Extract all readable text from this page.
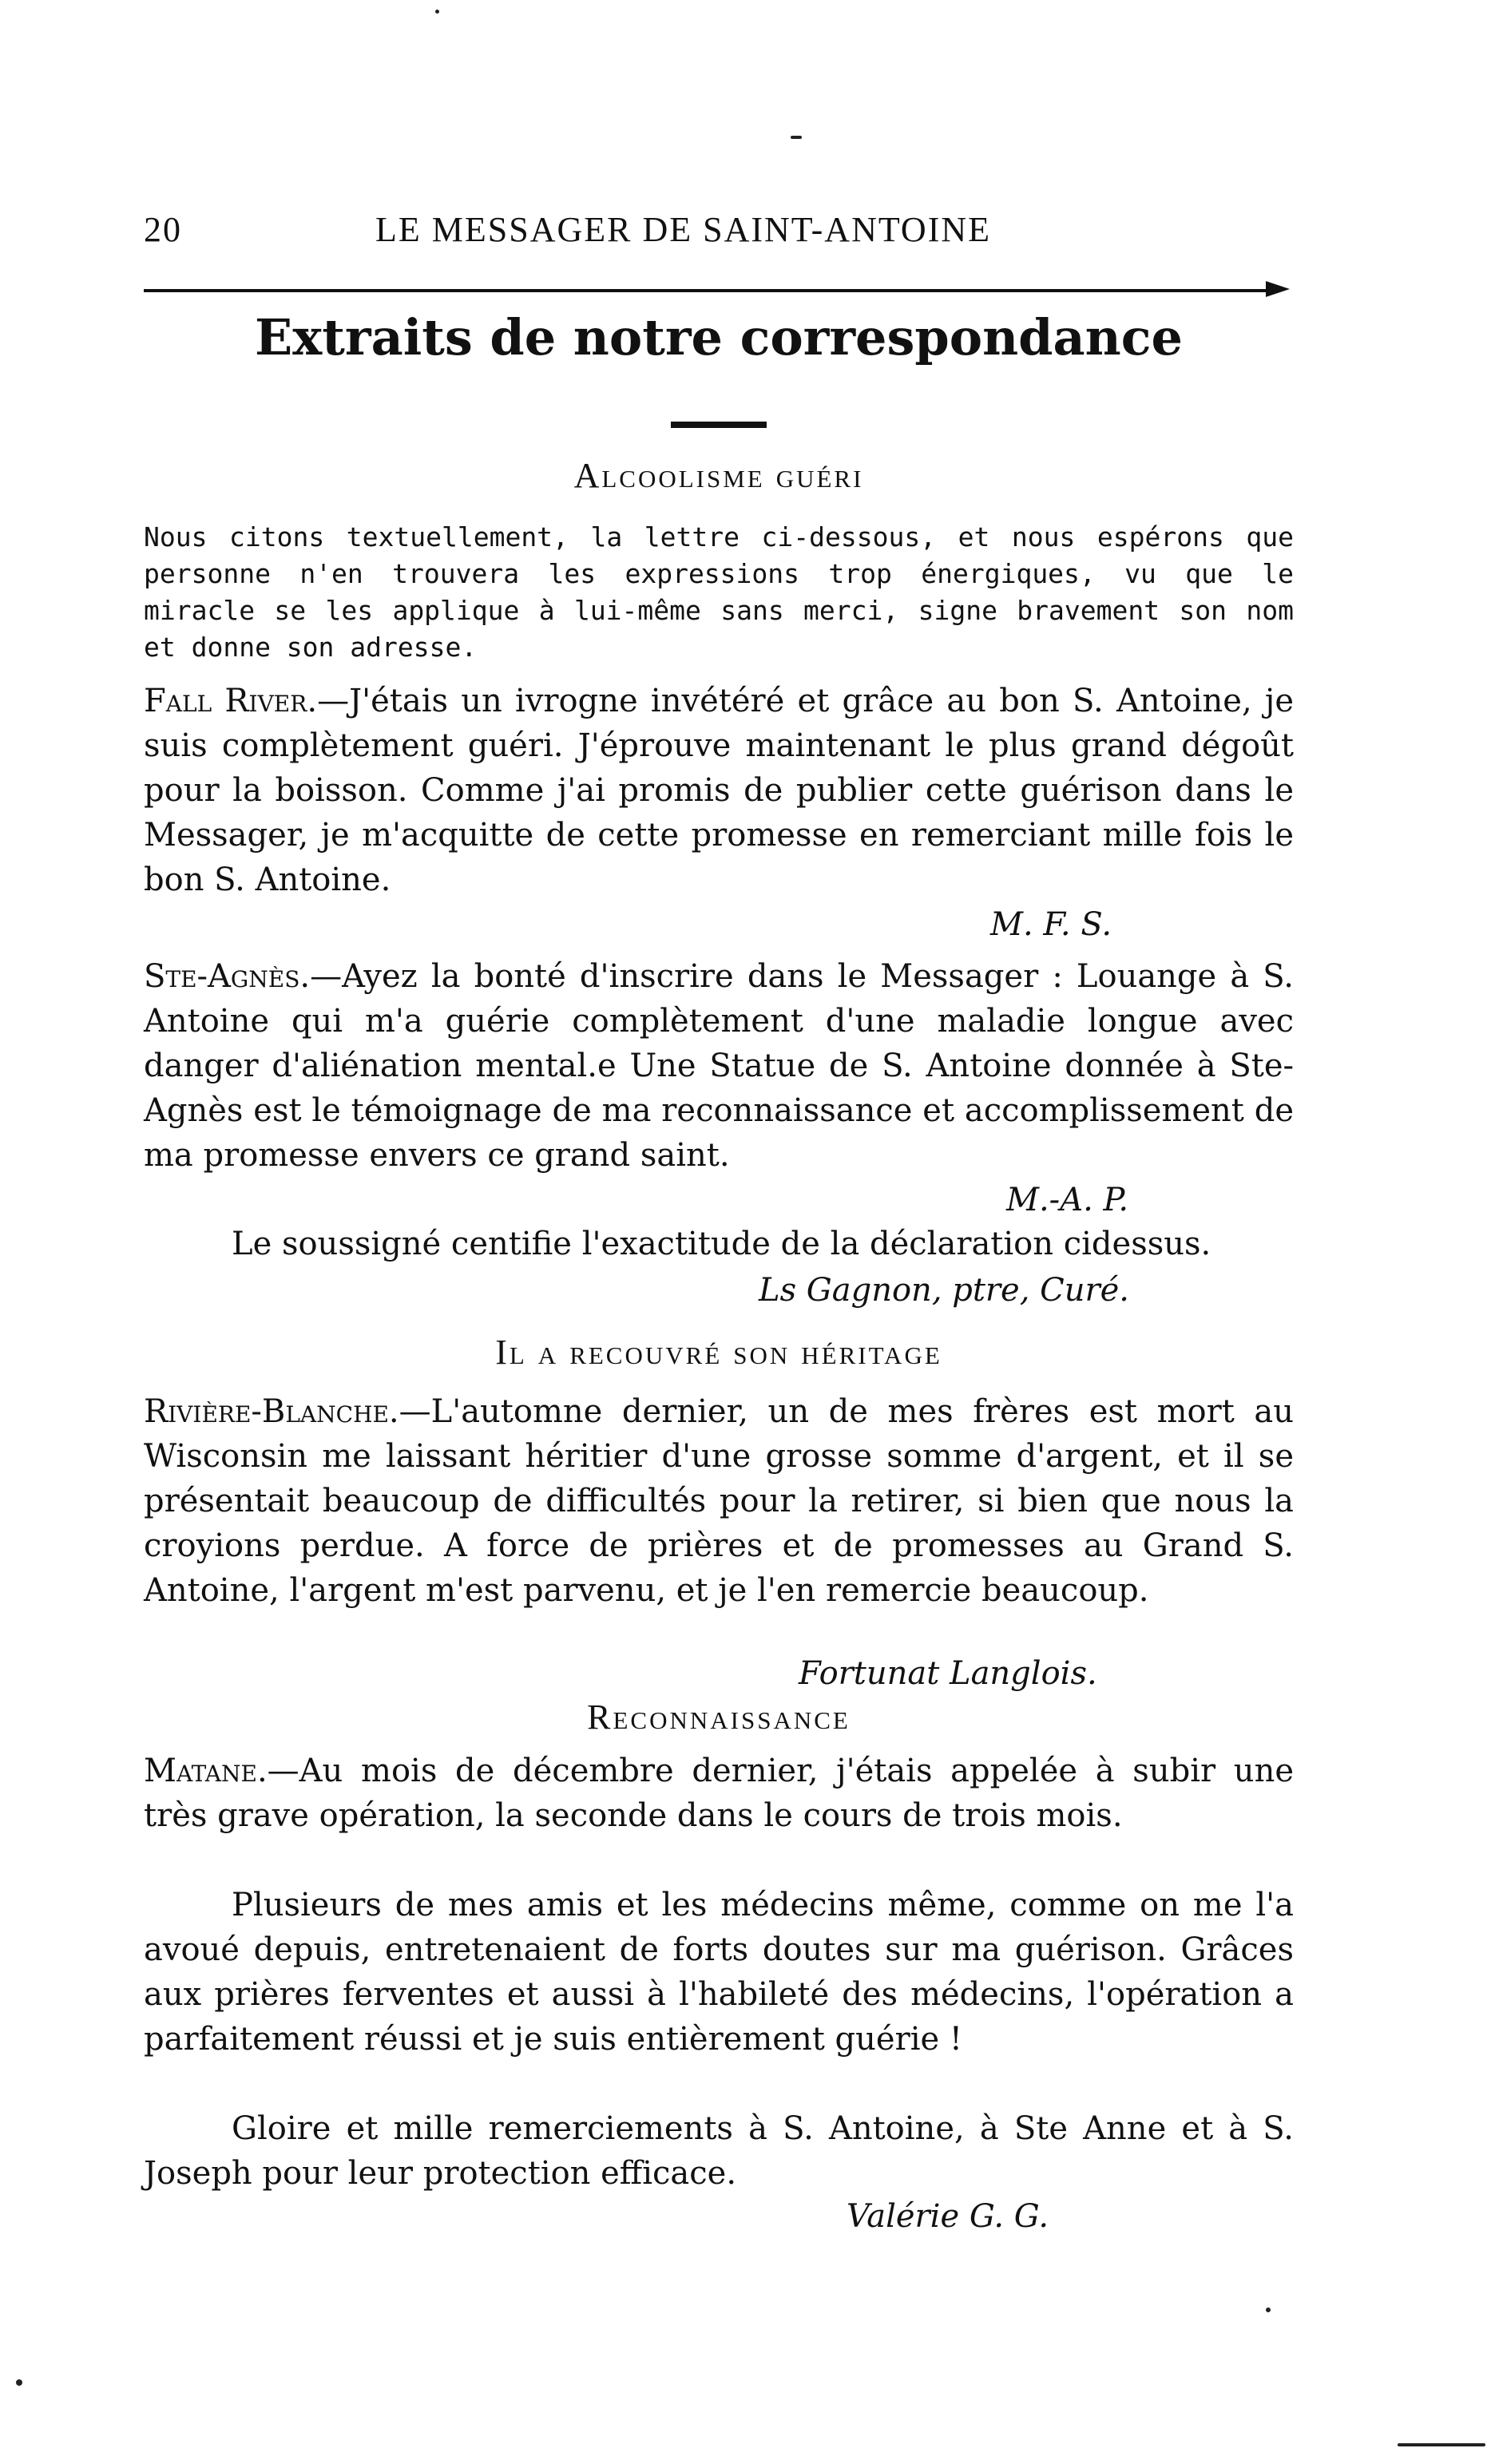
20	LE MESSAGER DE SAINT-ANTOINE
Extraits de notre correspondance
Alcoolisme guéri

Nous citons textuellement, la lettre ci-dessous, et nous espérons que personne n'en trouvera les expressions trop énergiques, vu que le miracle se les applique à lui-même sans merci, signe bravement son nom et donne son adresse.

Fall River.—J'étais un ivrogne invétéré et grâce au bon S. Antoine, je suis complètement guéri. J'éprouve maintenant le plus grand dégoût pour la boisson. Comme j'ai promis de publier cette guérison dans le Messager, je m'acquitte de cette promesse en remerciant mille fois le bon S. Antoine.

M. F. S.

Ste-Agnès.—Ayez la bonté d'inscrire dans le Messager : Louange à S. Antoine qui m'a guérie complètement d'une maladie longue avec danger d'aliénation mental.e Une Statue de S. Antoine donnée à Ste-Agnès est le témoignage de ma reconnaissance et accomplissement de ma promesse envers ce grand saint.

M.-A. P.

Le soussigné centifie l'exactitude de la déclaration cidessus.

Ls Gagnon, ptre, Curé.
Il a recouvré son héritage

Rivière-Blanche.—L'automne dernier, un de mes frères est mort au Wisconsin me laissant héritier d'une grosse somme d'argent, et il se présentait beaucoup de difficultés pour la retirer, si bien que nous la croyions perdue. A force de prières et de promesses au Grand S. Antoine, l'argent m'est parvenu, et je l'en remercie beaucoup.

Fortunat Langlois.
Reconnaissance

Matane.—Au mois de décembre dernier, j'étais appelée à subir une très grave opération, la seconde dans le cours de trois mois.

Plusieurs de mes amis et les médecins même, comme on me l'a avoué depuis, entretenaient de forts doutes sur ma guérison. Grâces aux prières ferventes et aussi à l'habileté des médecins, l'opération a parfaitement réussi et je suis entièrement guérie !

Gloire et mille remerciements à S. Antoine, à Ste Anne et à S. Joseph pour leur protection efficace.

Valérie G. G.
